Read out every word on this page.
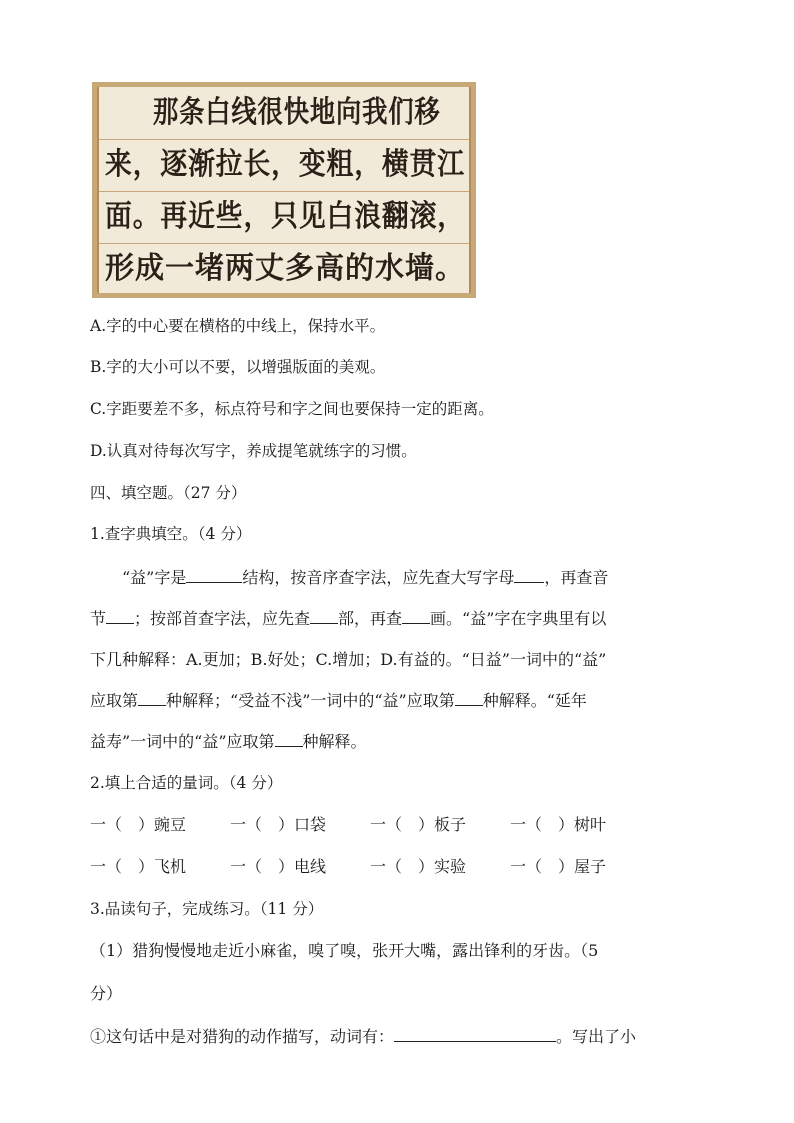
那条白线很快地向我们移
来，逐渐拉长，变粗，横贯江
面。再近些，只见白浪翻滚，
形成一堵两丈多高的水墙。
A.字的中心要在横格的中线上，保持水平。
B.字的大小可以不要，以增强版面的美观。
C.字距要差不多，标点符号和字之间也要保持一定的距离。
D.认真对待每次写字，养成提笔就练字的习惯。
四、填空题。（27 分）
1.查字典填空。（4 分）
“益”字是	结构，按音序查字法，应先查大写字母 ，再查音
节 ；按部首查字法，应先查 部，再查 画。“益”字在字典里有以
下几种解释：A.更加；B.好处；C.增加；D.有益的。“日益”一词中的“益”
应取第 种解释；“受益不浅”一词中的“益”应取第 种解释。“延年
益寿”一词中的“益”应取第 种解释。
2.填上合适的量词。（4 分）
一（　）豌豆	一（　）口袋	一（　）板子	一（　）树叶
一（　）飞机	一（　）电线	一（　）实验	一（　）屋子
3.品读句子，完成练习。（11 分）
（1）猎狗慢慢地走近小麻雀，嗅了嗅，张开大嘴，露出锋利的牙齿。（5
分）
①这句话中是对猎狗的动作描写，动词有：	。写出了小
